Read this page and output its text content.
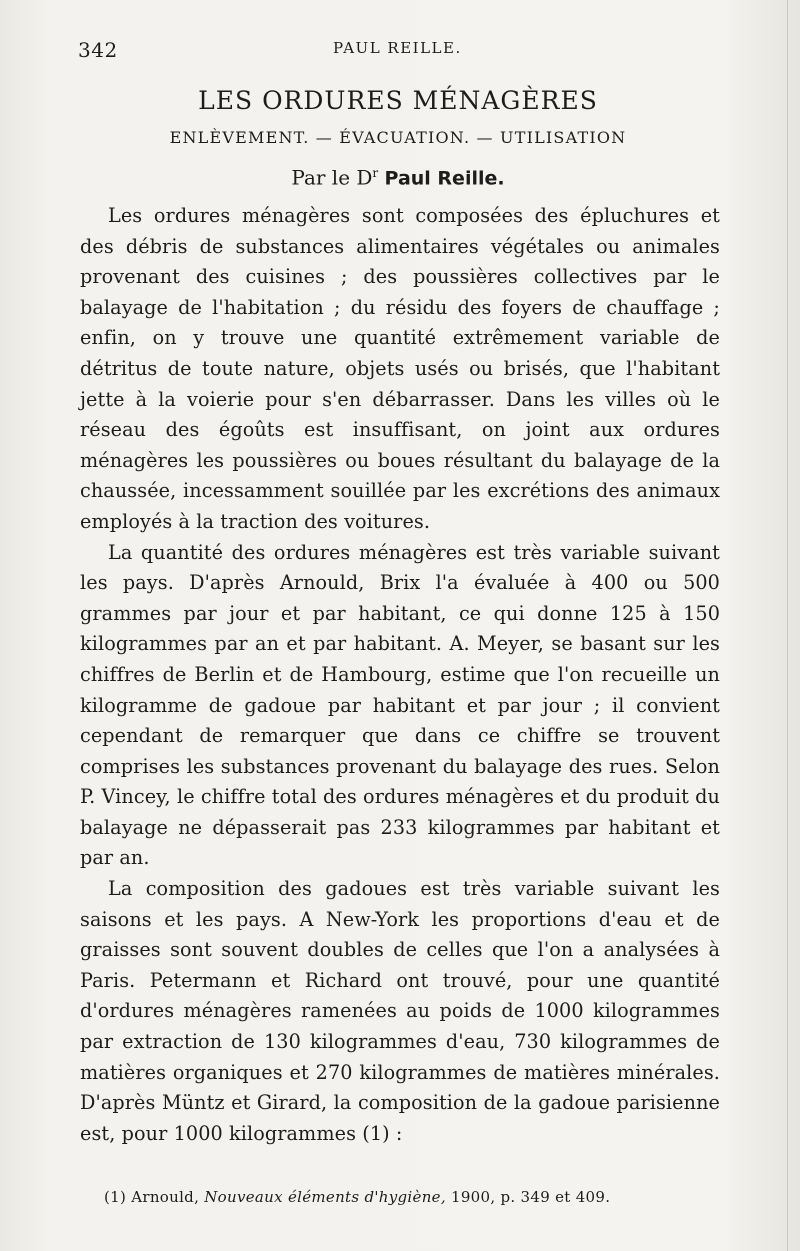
342	PAUL REILLE.
LES ORDURES MÉNAGÈRES
ENLÈVEMENT. — ÉVACUATION. — UTILISATION
Par le $D^r$ Paul Reille.

Les ordures ménagères sont composées des épluchures et des débris de substances alimentaires végétales ou animales provenant des cuisines ; des poussières collectives par le balayage de l'habitation ; du résidu des foyers de chauffage ; enfin, on y trouve une quantité extrêmement variable de détritus de toute nature, objets usés ou brisés, que l'habitant jette à la voierie pour s'en débarrasser. Dans les villes où le réseau des égoûts est insuffisant, on joint aux ordures ménagères les poussières ou boues résultant du balayage de la chaussée, incessamment souillée par les excrétions des animaux employés à la traction des voitures.

La quantité des ordures ménagères est très variable suivant les pays. D'après Arnould, Brix l'a évaluée à 400 ou 500 grammes par jour et par habitant, ce qui donne 125 à 150 kilogrammes par an et par habitant. A. Meyer, se basant sur les chiffres de Berlin et de Hambourg, estime que l'on recueille un kilogramme de gadoue par habitant et par jour ; il convient cependant de remarquer que dans ce chiffre se trouvent comprises les substances provenant du balayage des rues. Selon P. Vincey, le chiffre total des ordures ménagères et du produit du balayage ne dépasserait pas 233 kilogrammes par habitant et par an.

La composition des gadoues est très variable suivant les saisons et les pays. A New-York les proportions d'eau et de graisses sont souvent doubles de celles que l'on a analysées à Paris. Petermann et Richard ont trouvé, pour une quantité d'ordures ménagères ramenées au poids de 1000 kilogrammes par extraction de 130 kilogrammes d'eau, 730 kilogrammes de matières organiques et 270 kilogrammes de matières minérales. D'après Müntz et Girard, la composition de la gadoue parisienne est, pour 1000 kilogrammes (1) :

(1) Arnould, Nouveaux éléments d'hygiène, 1900, p. 349 et 409.
